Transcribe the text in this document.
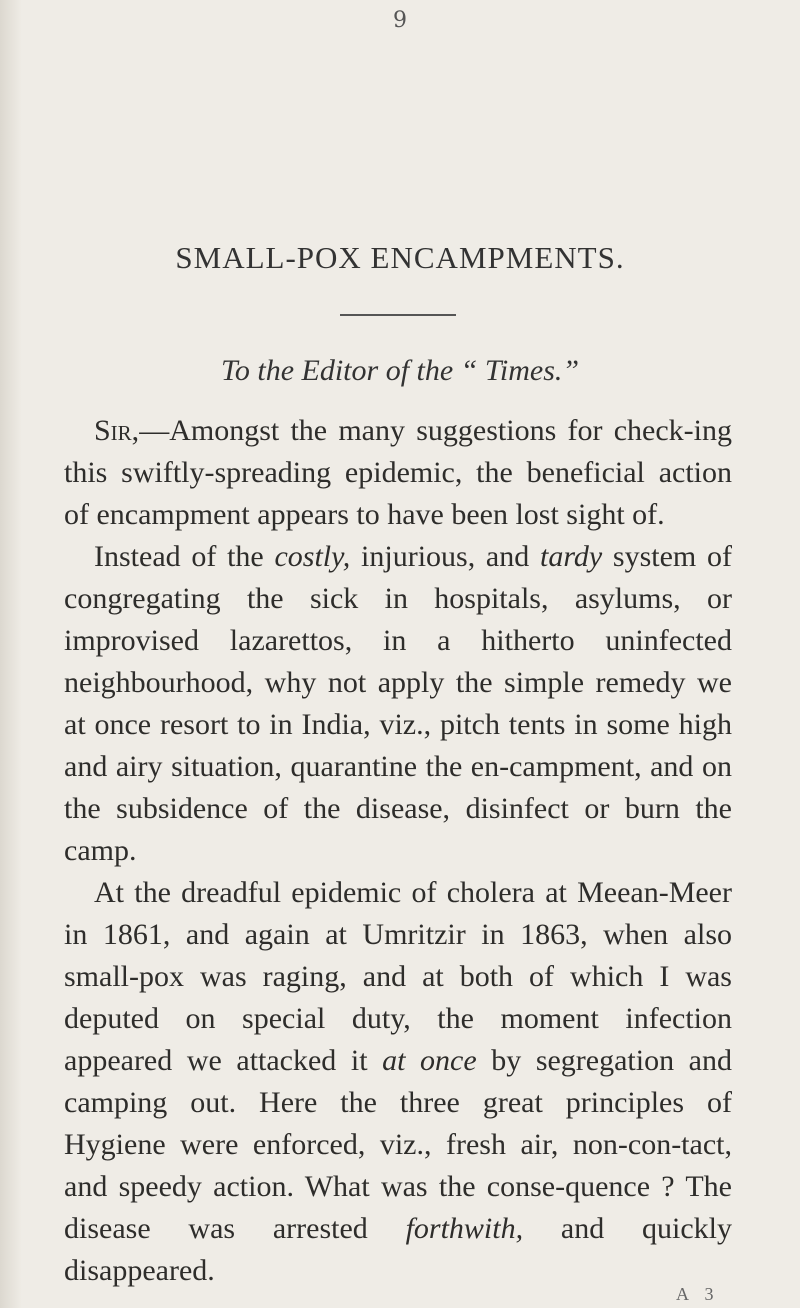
9
SMALL-POX ENCAMPMENTS.
To the Editor of the “ Times.”

Sir,—Amongst the many suggestions for check-ing this swiftly-spreading epidemic, the beneficial action of encampment appears to have been lost sight of.

Instead of the costly, injurious, and tardy system of congregating the sick in hospitals, asylums, or improvised lazarettos, in a hitherto uninfected neighbourhood, why not apply the simple remedy we at once resort to in India, viz., pitch tents in some high and airy situation, quarantine the en-campment, and on the subsidence of the disease, disinfect or burn the camp.

At the dreadful epidemic of cholera at Meean-Meer in 1861, and again at Umritzir in 1863, when also small-pox was raging, and at both of which I was deputed on special duty, the moment infection appeared we attacked it at once by segregation and camping out. Here the three great principles of Hygiene were enforced, viz., fresh air, non-con-tact, and speedy action. What was the conse-quence ? The disease was arrested forthwith, and quickly disappeared.

A 3
